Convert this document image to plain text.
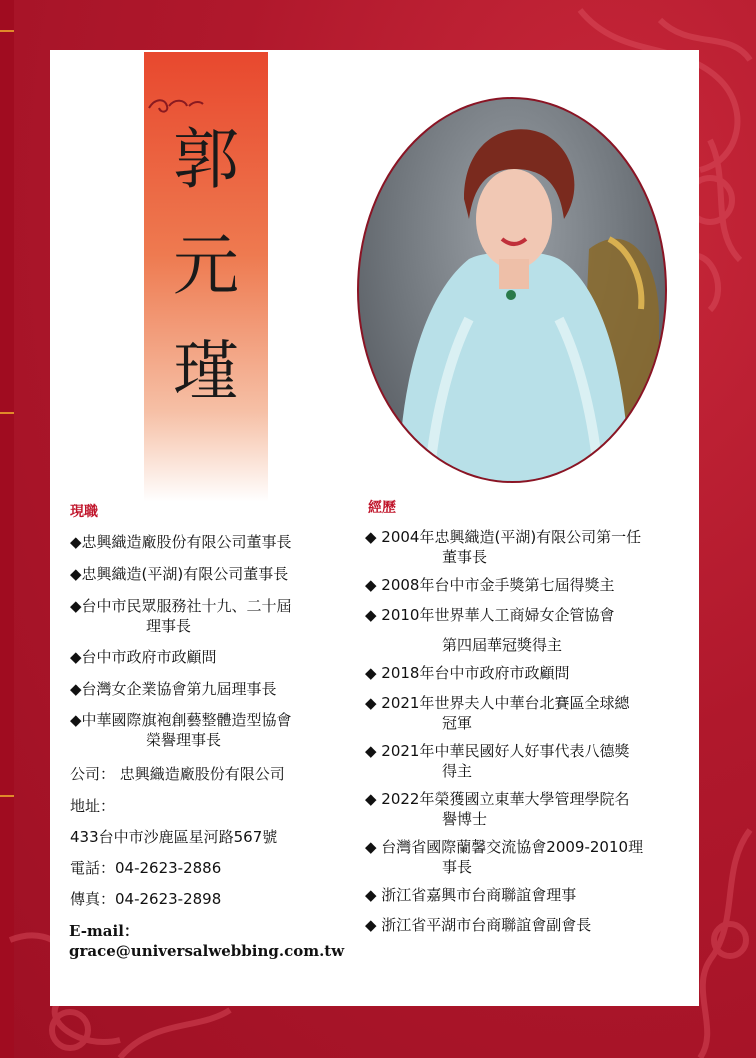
郭
元
瑾
現職
◆忠興織造廠股份有限公司董事長
◆忠興織造(平湖)有限公司董事長
◆台中市民眾服務社十九、二十屆
理事長
◆台中市政府市政顧問
◆台灣女企業協會第九屆理事長
◆中華國際旗袍創藝整體造型協會
榮譽理事長
公司： 忠興織造廠股份有限公司
地址：
433台中市沙鹿區星河路567號
電話：04-2623-2886
傳真：04-2623-2898
E-mail：
grace@universalwebbing.com.tw
經歷
◆ 2004年忠興織造(平湖)有限公司第一任
董事長
◆ 2008年台中市金手獎第七屆得獎主
◆ 2010年世界華人工商婦女企管協會
第四屆華冠獎得主
◆ 2018年台中市政府市政顧問
◆ 2021年世界夫人中華台北賽區全球總
冠軍
◆ 2021年中華民國好人好事代表八德獎
得主
◆ 2022年榮獲國立東華大學管理學院名
譽博士
◆ 台灣省國際蘭馨交流協會2009-2010理
事長
◆ 浙江省嘉興市台商聯誼會理事
◆ 浙江省平湖市台商聯誼會副會長
